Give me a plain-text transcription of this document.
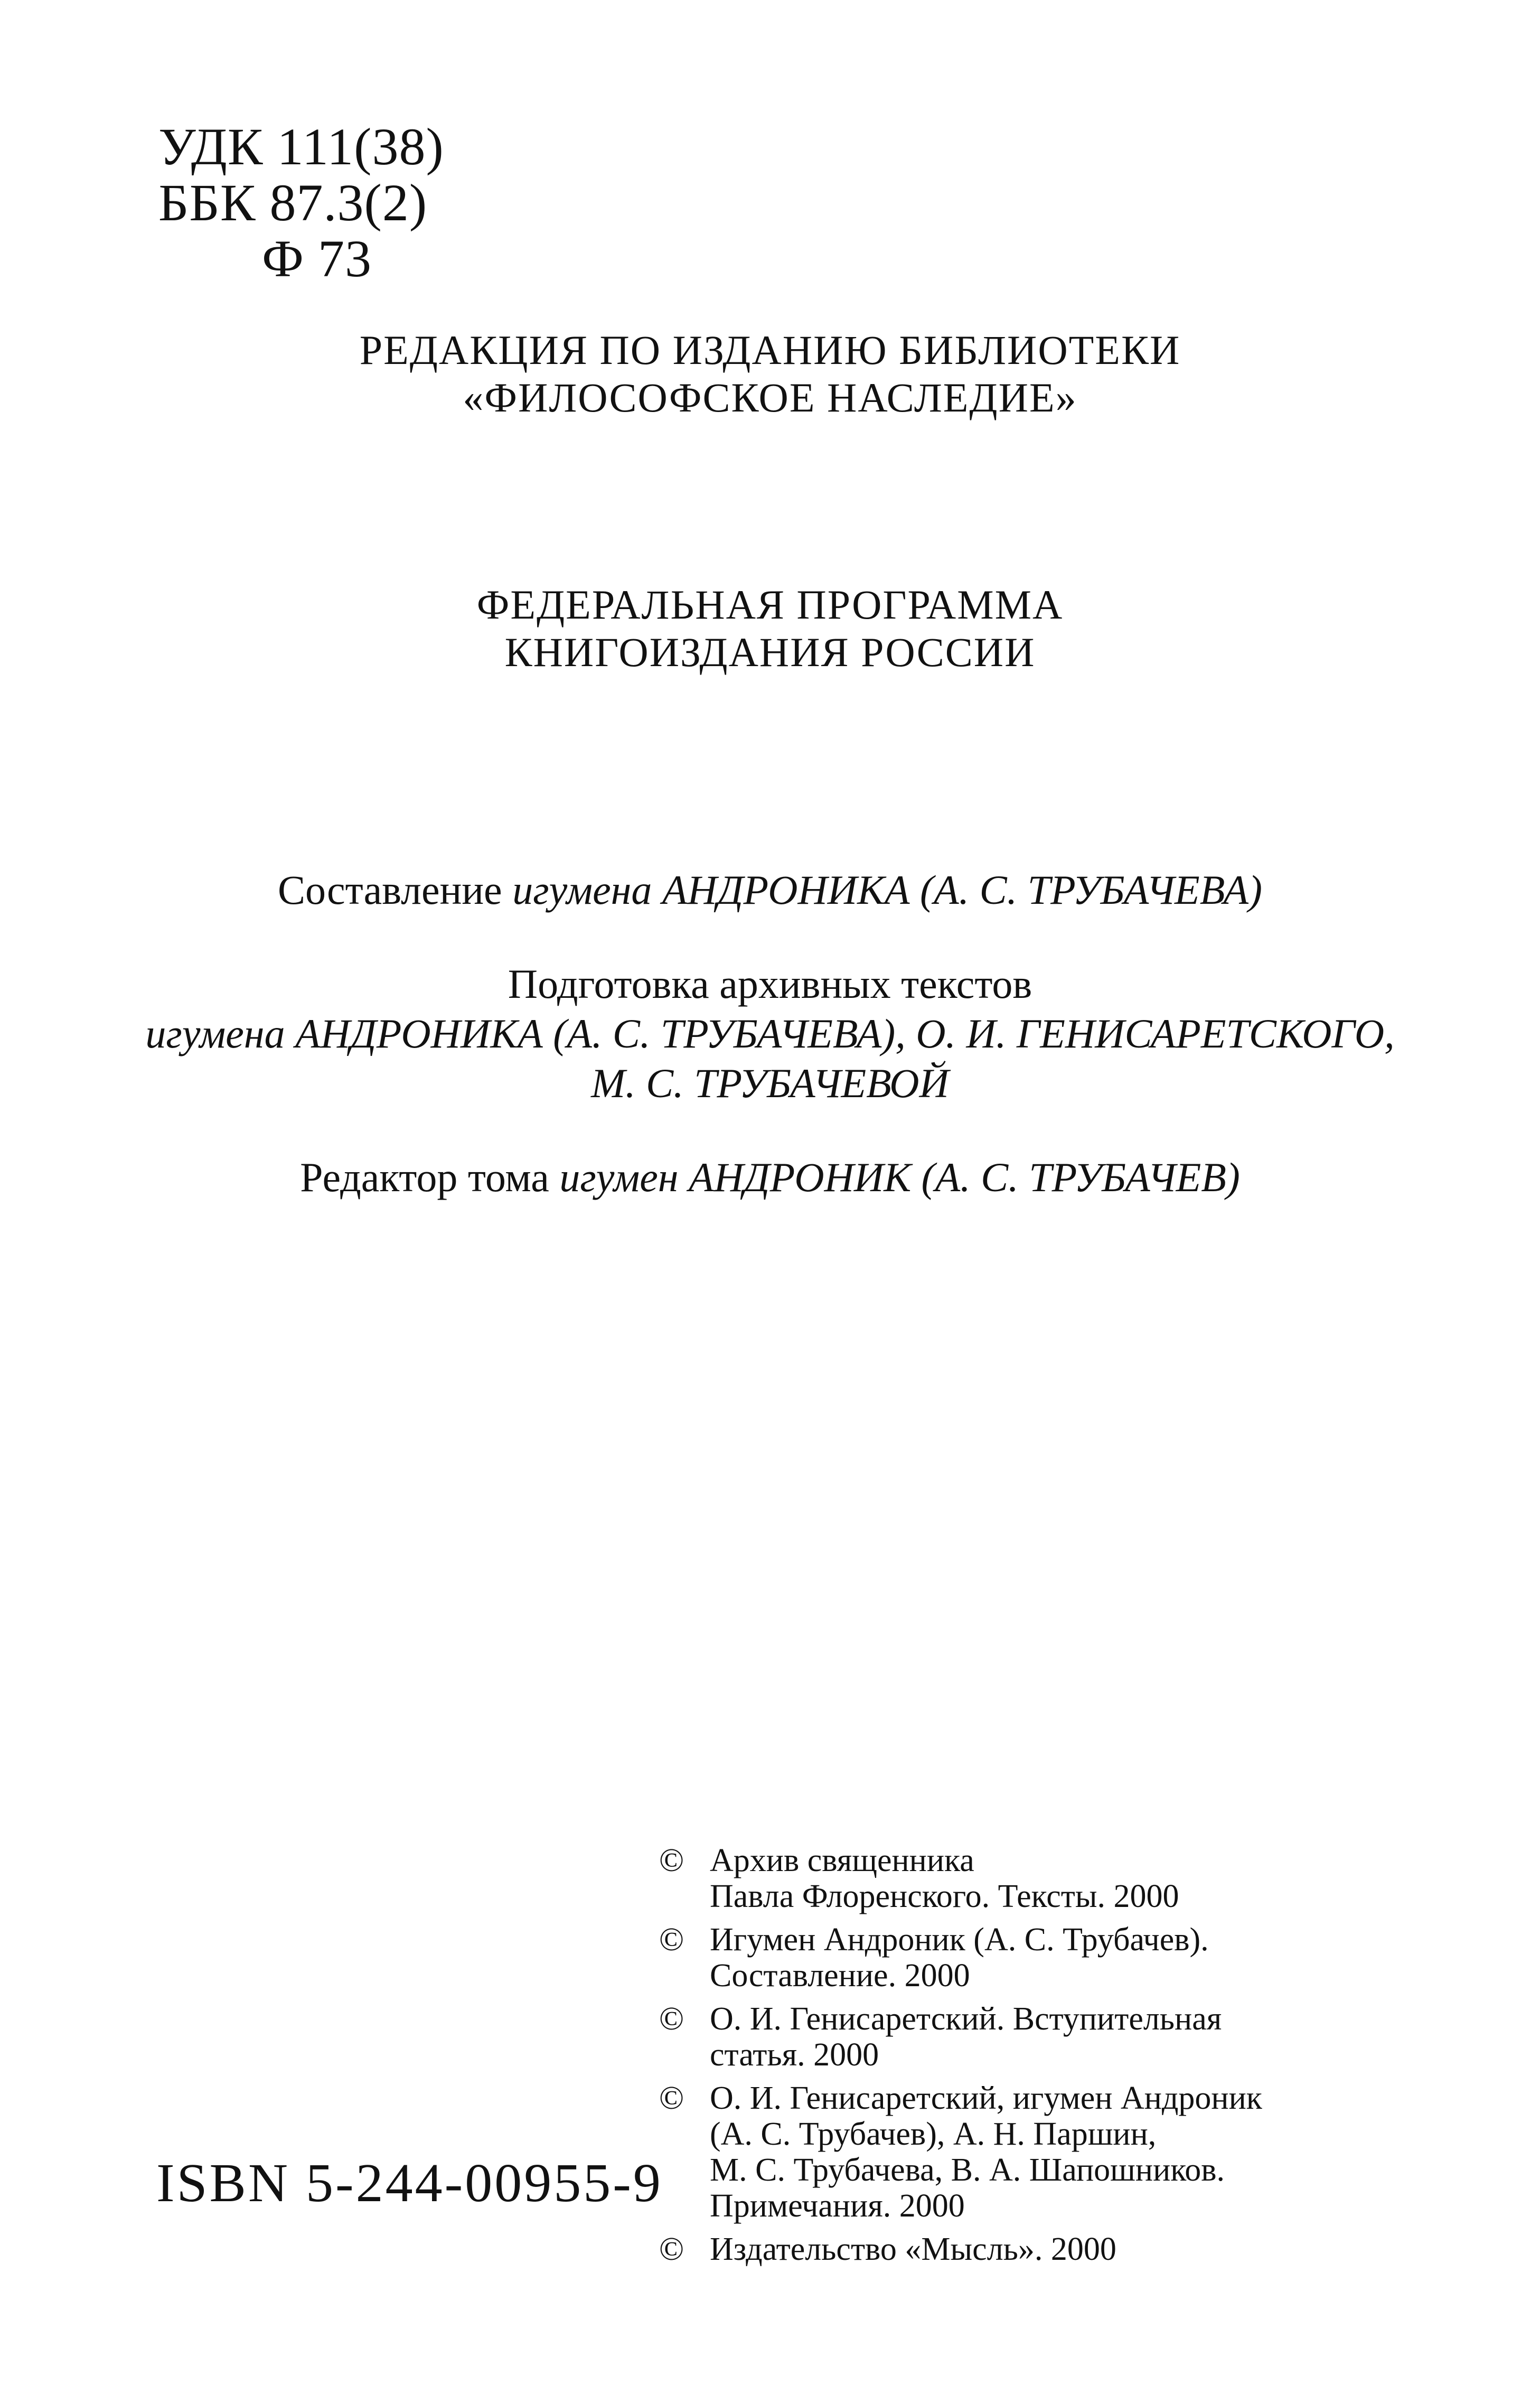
УДК 111(38)
ББК 87.3(2)
Ф 73
РЕДАКЦИЯ ПО ИЗДАНИЮ БИБЛИОТЕКИ
«ФИЛОСОФСКОЕ НАСЛЕДИЕ»
ФЕДЕРАЛЬНАЯ ПРОГРАММА
КНИГОИЗДАНИЯ РОССИИ
Составление игумена АНДРОНИКА (А. С. ТРУБАЧЕВА)
Подготовка архивных текстов
игумена АНДРОНИКА (А. С. ТРУБАЧЕВА), О. И. ГЕНИСАРЕТСКОГО,
М. С. ТРУБАЧЕВОЙ
Редактор тома игумен АНДРОНИК (А. С. ТРУБАЧЕВ)
ISBN 5-244-00955-9
© Архив священника
Павла Флоренского. Тексты. 2000
© Игумен Андроник (А. С. Трубачев).
Составление. 2000
© О. И. Генисаретский. Вступительная
статья. 2000
© О. И. Генисаретский, игумен Андроник
(А. С. Трубачев), А. Н. Паршин,
М. С. Трубачева, В. А. Шапошников.
Примечания. 2000
© Издательство «Мысль». 2000
